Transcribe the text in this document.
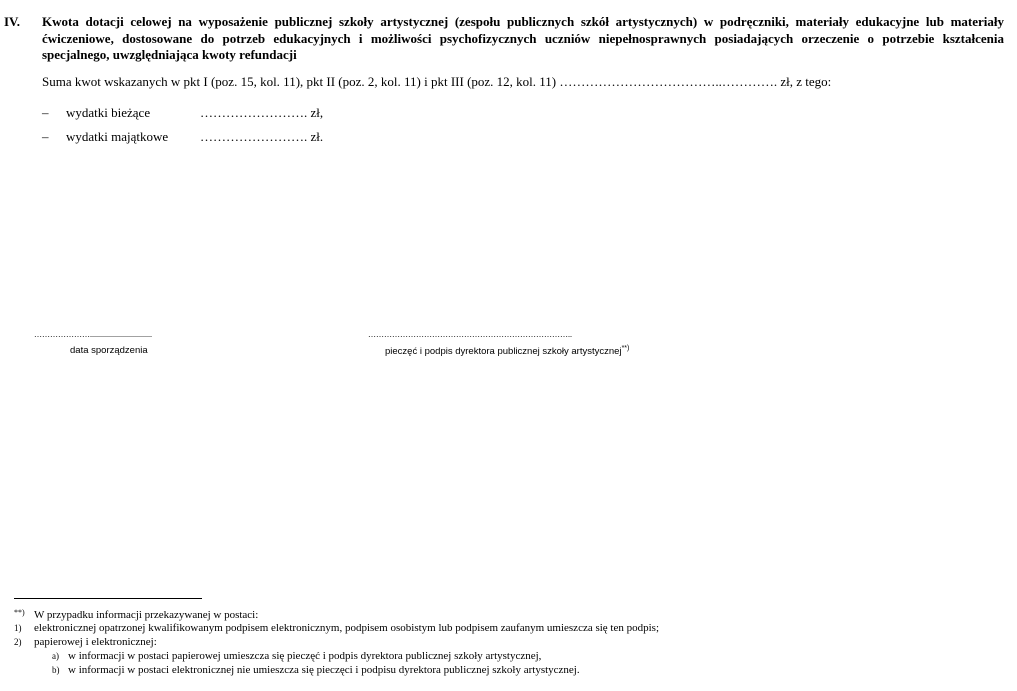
IV. Kwota dotacji celowej na wyposażenie publicznej szkoły artystycznej (zespołu publicznych szkół artystycznych) w podręczniki, materiały edukacyjne lub materiały ćwiczeniowe, dostosowane do potrzeb edukacyjnych i możliwości psychofizycznych uczniów niepełnosprawnych posiadających orzeczenie o potrzebie kształcenia specjalnego, uwzględniająca kwoty refundacji
Suma kwot wskazanych w pkt I (poz. 15, kol. 11), pkt II (poz. 2, kol. 11) i pkt III (poz. 12, kol. 11) ………………………………..…………. zł, z tego:
– wydatki bieżące	……………………. zł,
– wydatki majątkowe ……………………. zł.
…………………...............................
data sporządzenia
…………………………………………………………………..
pieczęć i podpis dyrektora publicznej szkoły artystycznej**)
**) W przypadku informacji przekazywanej w postaci:
1) elektronicznej opatrzonej kwalifikowanym podpisem elektronicznym, podpisem osobistym lub podpisem zaufanym umieszcza się ten podpis;
2) papierowej i elektronicznej:
a) w informacji w postaci papierowej umieszcza się pieczęć i podpis dyrektora publicznej szkoły artystycznej,
b) w informacji w postaci elektronicznej nie umieszcza się pieczęci i podpisu dyrektora publicznej szkoły artystycznej.
